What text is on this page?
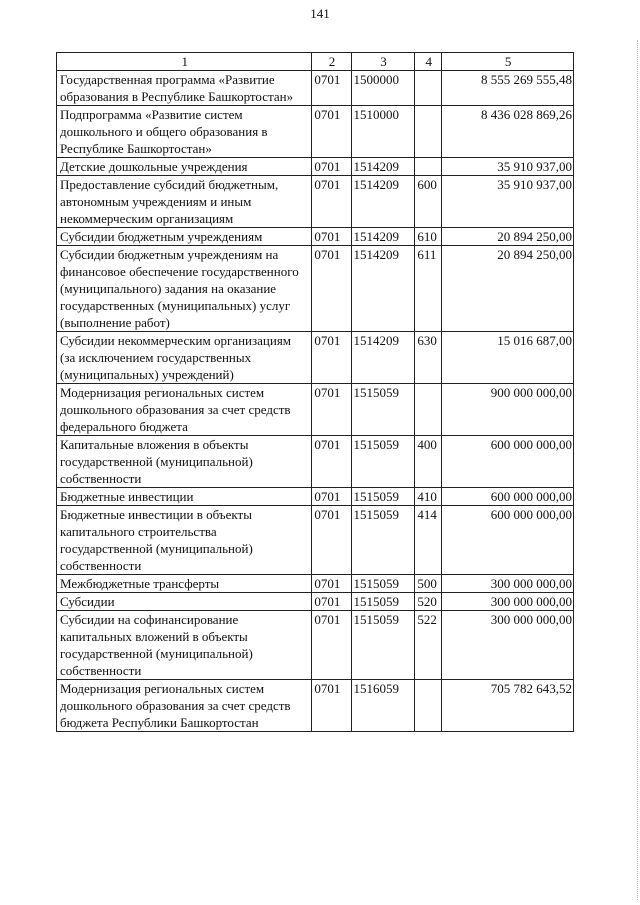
141
1	2	3	4	5
Государственная программа «Развитие образования в Республике Башкортостан»	0701	1500000		8 555 269 555,48
Подпрограмма «Развитие систем дошкольного и общего образования в Республике Башкортостан»	0701	1510000		8 436 028 869,26
Детские дошкольные учреждения	0701	1514209		35 910 937,00
Предоставление субсидий бюджетным, автономным учреждениям и иным некоммерческим организациям	0701	1514209	600	35 910 937,00
Субсидии бюджетным учреждениям	0701	1514209	610	20 894 250,00
Субсидии бюджетным учреждениям на финансовое обеспечение государственного (муниципального) задания на оказание государственных (муниципальных) услуг (выполнение работ)	0701	1514209	611	20 894 250,00
Субсидии некоммерческим организациям (за исключением государственных (муниципальных) учреждений)	0701	1514209	630	15 016 687,00
Модернизация региональных систем дошкольного образования за счет средств федерального бюджета	0701	1515059		900 000 000,00
Капитальные вложения в объекты государственной (муниципальной) собственности	0701	1515059	400	600 000 000,00
Бюджетные инвестиции	0701	1515059	410	600 000 000,00
Бюджетные инвестиции в объекты капитального строительства государственной (муниципальной) собственности	0701	1515059	414	600 000 000,00
Межбюджетные трансферты	0701	1515059	500	300 000 000,00
Субсидии	0701	1515059	520	300 000 000,00
Субсидии на софинансирование капитальных вложений в объекты государственной (муниципальной) собственности	0701	1515059	522	300 000 000,00
Модернизация региональных систем дошкольного образования за счет средств бюджета Республики Башкортостан	0701	1516059		705 782 643,52
